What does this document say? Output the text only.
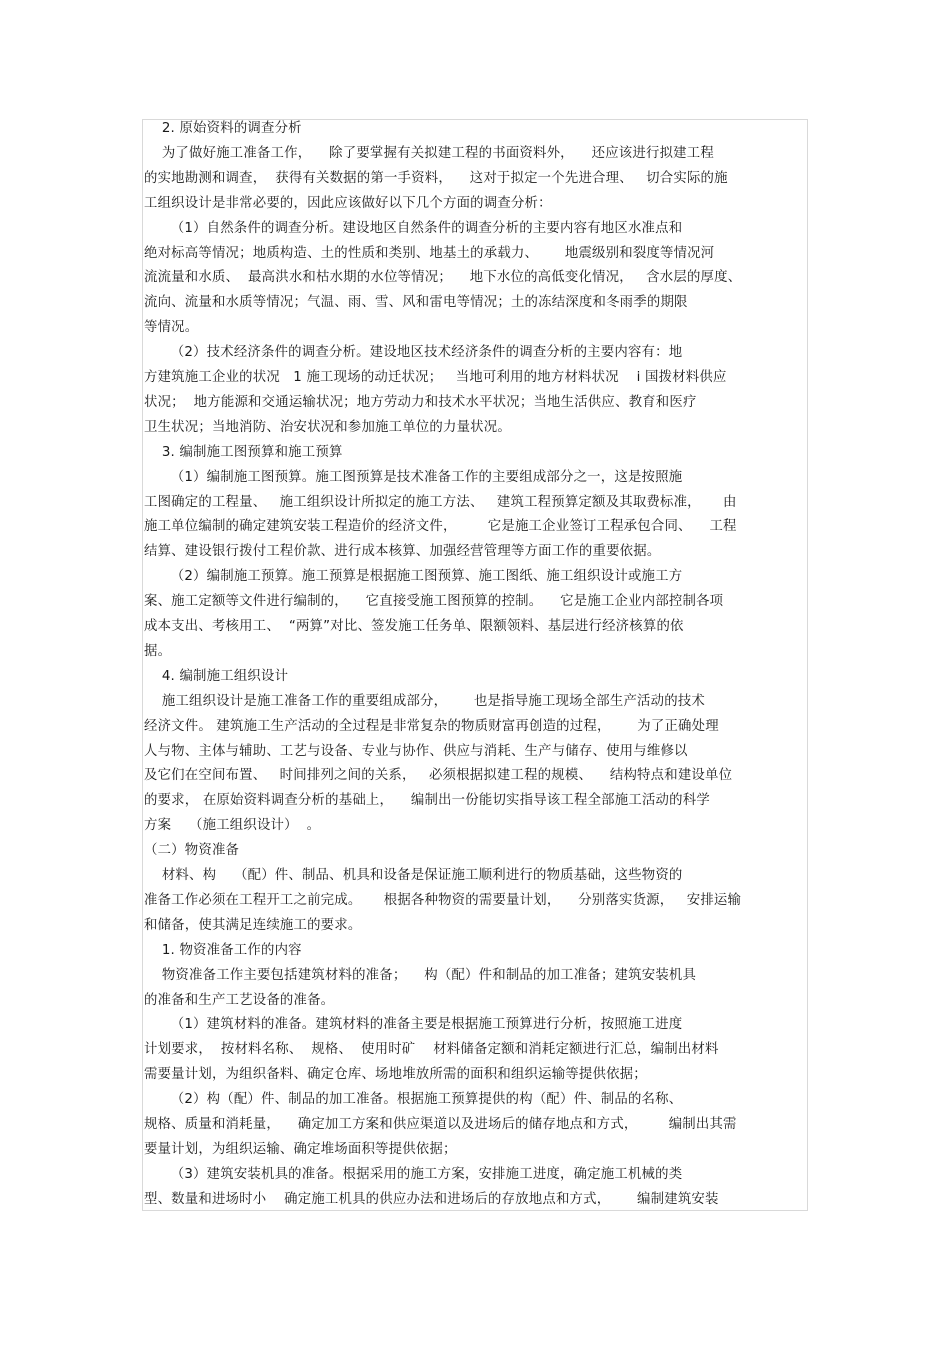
2. 原始资料的调查分析
为了做好施工准备工作，    除了要掌握有关拟建工程的书面资料外，    还应该进行拟建工程
的实地勘测和调查，  获得有关数据的第一手资料，    这对于拟定一个先进合理、   切合实际的施
工组织设计是非常必要的，因此应该做好以下几个方面的调查分析：
（1）自然条件的调查分析。建设地区自然条件的调查分析的主要内容有地区水准点和
绝对标高等情况；地质构造、土的性质和类别、地基土的承载力、      地震级别和裂度等情况河
流流量和水质、  最高洪水和枯水期的水位等情况；    地下水位的高低变化情况，   含水层的厚度、
流向、流量和水质等情况；气温、雨、雪、风和雷电等情况；土的冻结深度和冬雨季的期限
等情况。
（2）技术经济条件的调查分析。建设地区技术经济条件的调查分析的主要内容有：地
方建筑施工企业的状况   1 施工现场的动迁状况；   当地可利用的地方材料状况    i 国拨材料供应
状况；  地方能源和交通运输状况；地方劳动力和技术水平状况；当地生活供应、教育和医疗
卫生状况；当地消防、治安状况和参加施工单位的力量状况。
3. 编制施工图预算和施工预算
（1）编制施工图预算。施工图预算是技术准备工作的主要组成部分之一，这是按照施
工图确定的工程量、   施工组织设计所拟定的施工方法、   建筑工程预算定额及其取费标准，     由
施工单位编制的确定建筑安装工程造价的经济文件，       它是施工企业签订工程承包合同、    工程
结算、建设银行拨付工程价款、进行成本核算、加强经营管理等方面工作的重要依据。
（2）编制施工预算。施工预算是根据施工图预算、施工图纸、施工组织设计或施工方
案、施工定额等文件进行编制的，    它直接受施工图预算的控制。    它是施工企业内部控制各项
成本支出、考核用工、  “两算”对比、签发施工任务单、限额领料、基层进行经济核算的依
据。
4. 编制施工组织设计
施工组织设计是施工准备工作的重要组成部分，      也是指导施工现场全部生产活动的技术
经济文件。 建筑施工生产活动的全过程是非常复杂的物质财富再创造的过程，      为了正确处理
人与物、主体与辅助、工艺与设备、专业与协作、供应与消耗、生产与储存、使用与维修以
及它们在空间布置、   时间排列之间的关系，   必须根据拟建工程的规模、    结构特点和建设单位
的要求， 在原始资料调查分析的基础上，    编制出一份能切实指导该工程全部施工活动的科学
方案    （施工组织设计）  。
（二）物资准备
材料、构    （配）件、制品、机具和设备是保证施工顺利进行的物质基础，这些物资的
准备工作必须在工程开工之前完成。     根据各种物资的需要量计划，    分别落实货源，   安排运输
和储备，使其满足连续施工的要求。
1. 物资准备工作的内容
物资准备工作主要包括建筑材料的准备；    构（配）件和制品的加工准备；建筑安装机具
的准备和生产工艺设备的准备。
（1）建筑材料的准备。建筑材料的准备主要是根据施工预算进行分析，按照施工进度
计划要求，  按材料名称、  规格、  使用时矿    材料储备定额和消耗定额进行汇总，编制出材料
需要量计划，为组织备料、确定仓库、场地堆放所需的面积和组织运输等提供依据；
（2）构（配）件、制品的加工准备。根据施工预算提供的构（配）件、制品的名称、
规格、质量和消耗量，    确定加工方案和供应渠道以及进场后的储存地点和方式，       编制出其需
要量计划，为组织运输、确定堆场面积等提供依据；
（3）建筑安装机具的准备。根据采用的施工方案，安排施工进度，确定施工机械的类
型、数量和进场时小    确定施工机具的供应办法和进场后的存放地点和方式，      编制建筑安装
